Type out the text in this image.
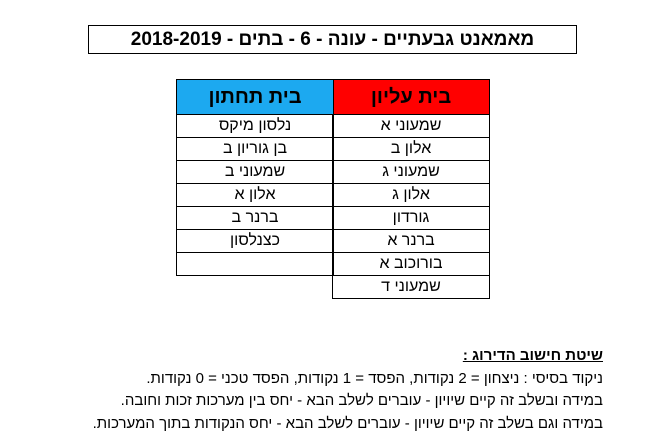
מאמאנט גבעתיים - עונה - 6 - בתים - 2018-2019
בית עליון
שמעוני א
אלון ב
שמעוני ג
אלון ג
גורדון
ברנר א
בורוכוב א
שמעוני ד
בית תחתון
נלסון מיקס
בן גוריון ב
שמעוני ב
אלון א
ברנר ב
כצנלסון
שיטת חישוב הדירוג :
ניקוד בסיסי : ניצחון = 2 נקודות, הפסד = 1 נקודות, הפסד טכני = 0 נקודות.
במידה ובשלב זה קיים שיויון - עוברים לשלב הבא - יחס בין מערכות זכות וחובה.
במידה וגם בשלב זה קיים שיויון - עוברים לשלב הבא - יחס הנקודות בתוך המערכות.
